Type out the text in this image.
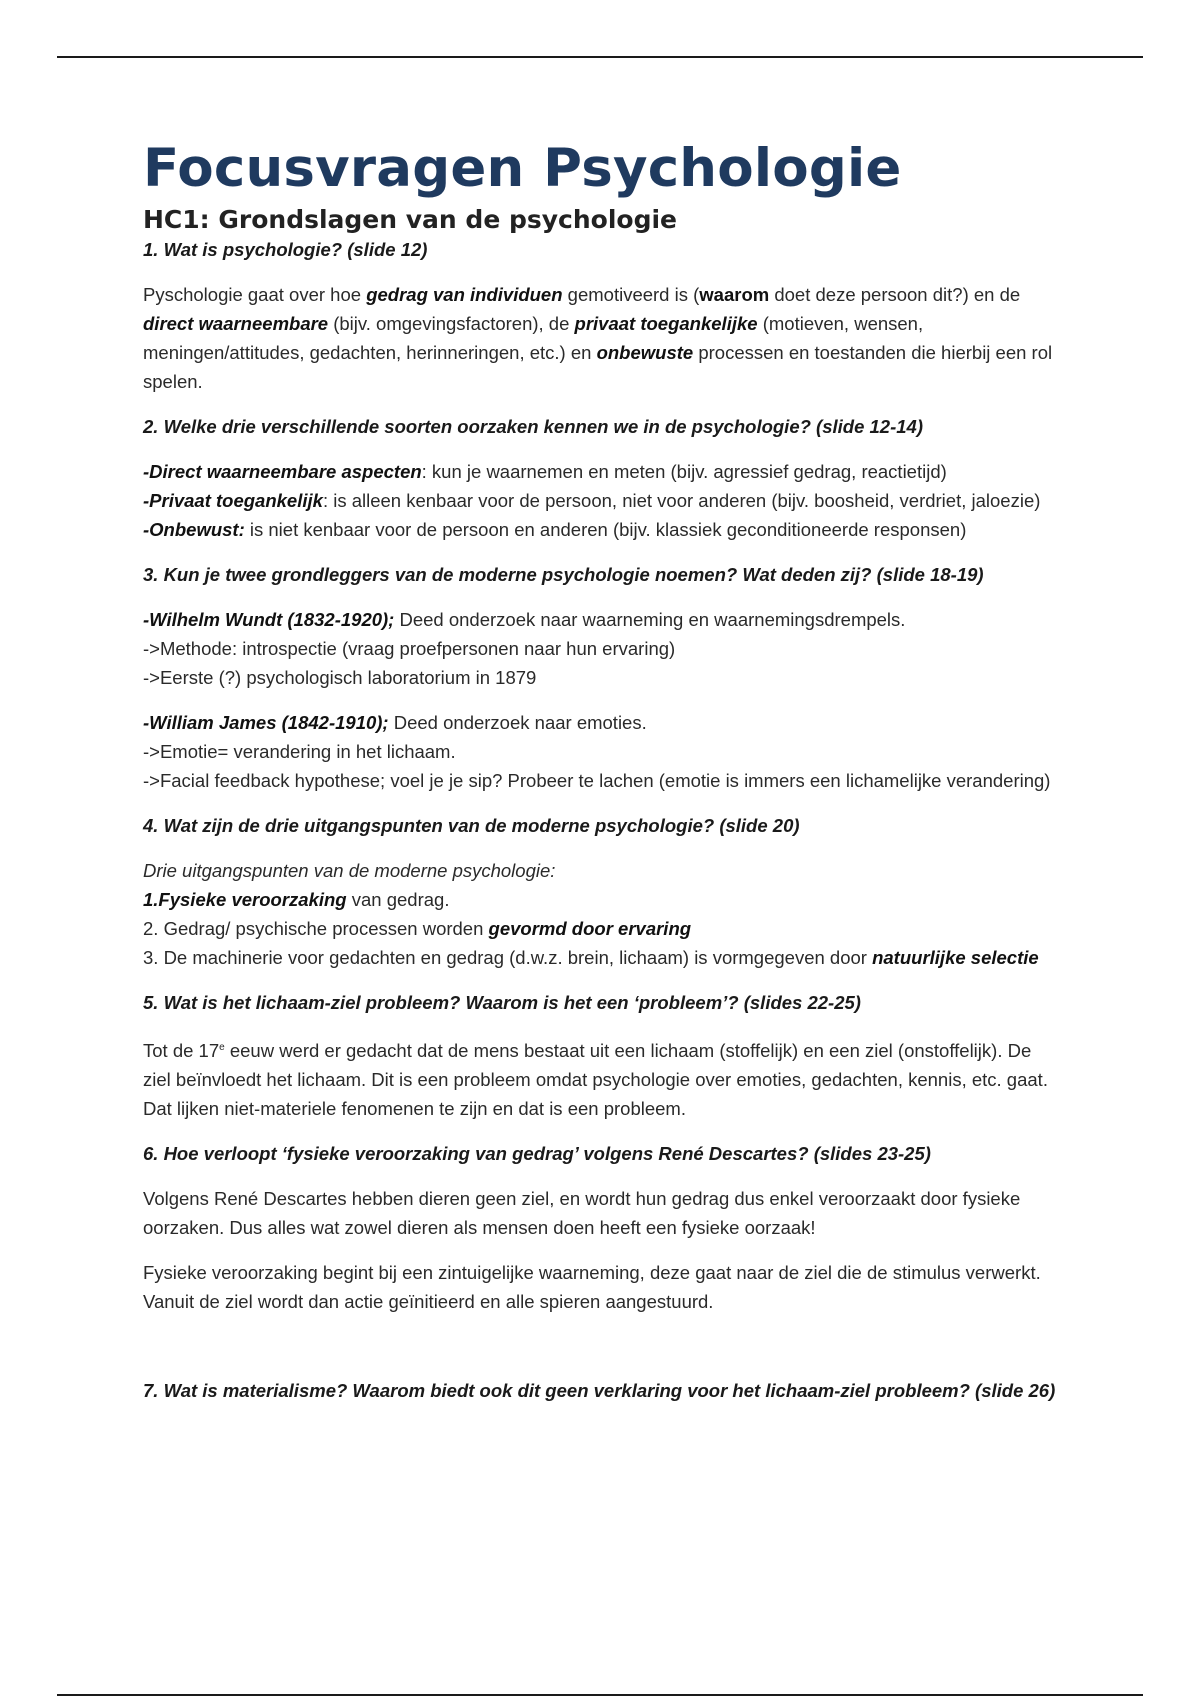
Focusvragen Psychologie
HC1: Grondslagen van de psychologie

1. Wat is psychologie? (slide 12)

Pyschologie gaat over hoe gedrag van individuen gemotiveerd is (waarom doet deze persoon dit?) en de direct waarneembare (bijv. omgevingsfactoren), de privaat toegankelijke (motieven, wensen, meningen/attitudes, gedachten, herinneringen, etc.) en onbewuste processen en toestanden die hierbij een rol spelen.

2. Welke drie verschillende soorten oorzaken kennen we in de psychologie? (slide 12-14)

-Direct waarneembare aspecten: kun je waarnemen en meten (bijv. agressief gedrag, reactietijd)
-Privaat toegankelijk: is alleen kenbaar voor de persoon, niet voor anderen (bijv. boosheid, verdriet, jaloezie)
-Onbewust: is niet kenbaar voor de persoon en anderen (bijv. klassiek geconditioneerde responsen)

3. Kun je twee grondleggers van de moderne psychologie noemen? Wat deden zij? (slide 18-19)

-Wilhelm Wundt (1832-1920); Deed onderzoek naar waarneming en waarnemingsdrempels.
->Methode: introspectie (vraag proefpersonen naar hun ervaring)
->Eerste (?) psychologisch laboratorium in 1879

-William James (1842-1910); Deed onderzoek naar emoties.
->Emotie= verandering in het lichaam.
->Facial feedback hypothese; voel je je sip? Probeer te lachen (emotie is immers een lichamelijke verandering)

4. Wat zijn de drie uitgangspunten van de moderne psychologie? (slide 20)

Drie uitgangspunten van de moderne psychologie:
1.Fysieke veroorzaking van gedrag.
2. Gedrag/ psychische processen worden gevormd door ervaring
3. De machinerie voor gedachten en gedrag (d.w.z. brein, lichaam) is vormgegeven door natuurlijke selectie

5. Wat is het lichaam-ziel probleem? Waarom is het een ‘probleem’? (slides 22-25)

Tot de 17e eeuw werd er gedacht dat de mens bestaat uit een lichaam (stoffelijk) en een ziel (onstoffelijk). De ziel beïnvloedt het lichaam. Dit is een probleem omdat psychologie over emoties, gedachten, kennis, etc. gaat. Dat lijken niet-materiele fenomenen te zijn en dat is een probleem.

6. Hoe verloopt ‘fysieke veroorzaking van gedrag’ volgens René Descartes? (slides 23-25)

Volgens René Descartes hebben dieren geen ziel, en wordt hun gedrag dus enkel veroorzaakt door fysieke oorzaken. Dus alles wat zowel dieren als mensen doen heeft een fysieke oorzaak!

Fysieke veroorzaking begint bij een zintuigelijke waarneming, deze gaat naar de ziel die de stimulus verwerkt. Vanuit de ziel wordt dan actie geïnitieerd en alle spieren aangestuurd.

7. Wat is materialisme? Waarom biedt ook dit geen verklaring voor het lichaam-ziel probleem? (slide 26)
